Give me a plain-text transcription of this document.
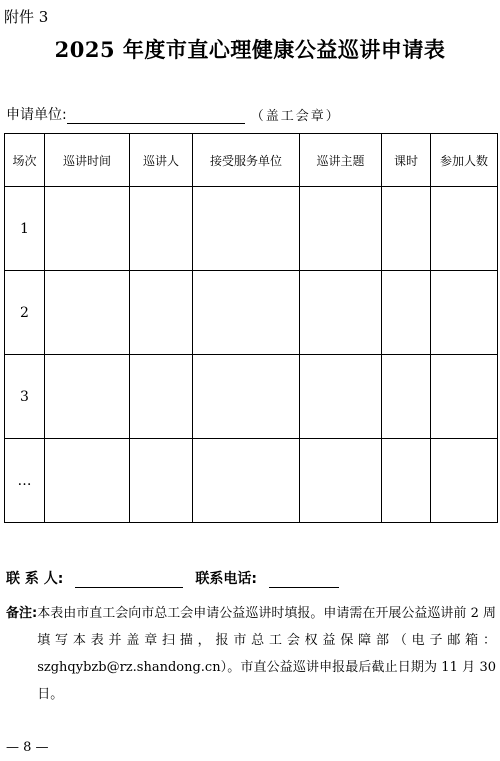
附件 3
2025 年度市直心理健康公益巡讲申请表
申请单位:	（盖工会章）
场次	巡讲时间	巡讲人	接受服务单位	巡讲主题	课时	参加人数
1						
2						
3						
…						
联 系 人:	联系电话:
备注: 本表由市直工会向市总工会申请公益巡讲时填报。申请需在开展公益巡讲前 2 周填写本表并盖章扫描，报市总工会权益保障部（电子邮箱：szghqybzb@rz.shandong.cn）。市直公益巡讲申报最后截止日期为 11 月 30 日。
— 8 —
